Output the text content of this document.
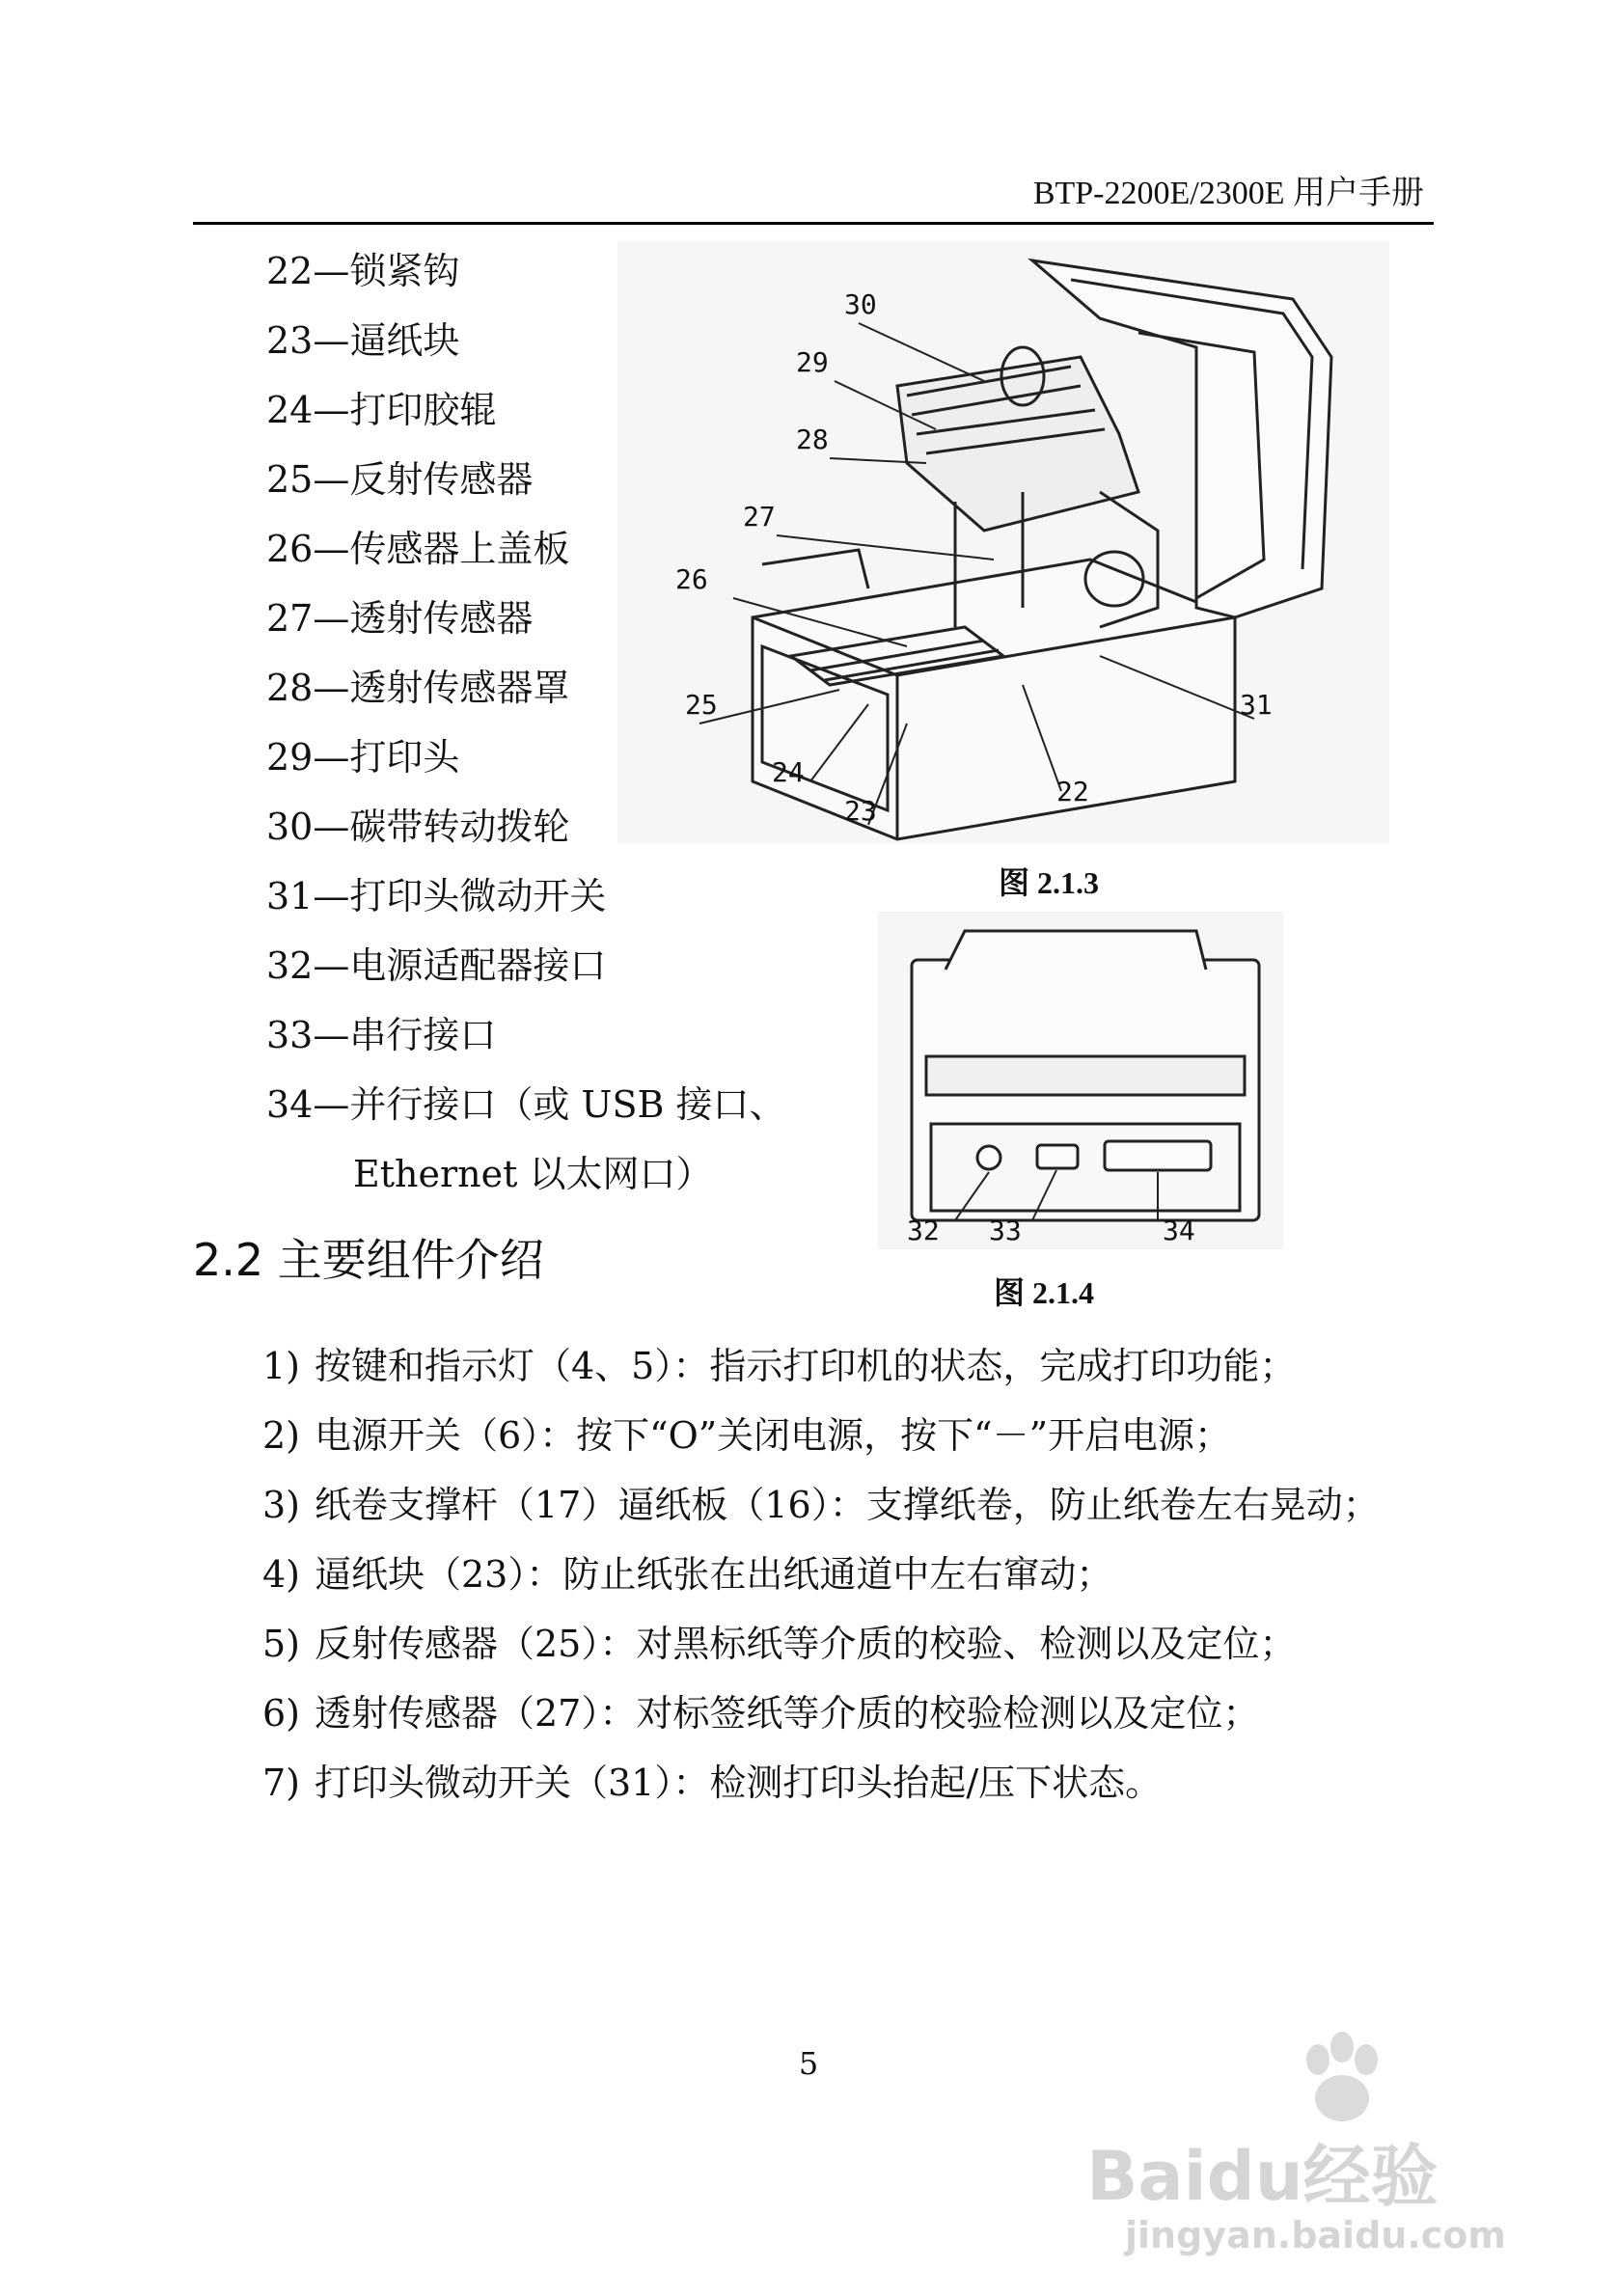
BTP-2200E/2300E 用户手册
22—锁紧钩
23—逼纸块
24—打印胶辊
25—反射传感器
26—传感器上盖板
27—透射传感器
28—透射传感器罩
29—打印头
30—碳带转动拨轮
31—打印头微动开关
32—电源适配器接口
33—串行接口
34—并行接口（或 USB 接口、
Ethernet 以太网口）
30
29
28
27
26
25
24
23
22
31
图 2.1.3
32 33	34
图 2.1.4
2.2 主要组件介绍
1) 按键和指示灯（4、5）：指示打印机的状态，完成打印功能；
2) 电源开关（6）：按下“O”关闭电源，按下“－”开启电源；
3) 纸卷支撑杆（17）逼纸板（16）：支撑纸卷，防止纸卷左右晃动；
4) 逼纸块（23）：防止纸张在出纸通道中左右窜动；
5) 反射传感器（25）：对黑标纸等介质的校验、检测以及定位；
6) 透射传感器（27）：对标签纸等介质的校验检测以及定位；
7) 打印头微动开关（31）：检测打印头抬起/压下状态。
5
Baidu经验
jingyan.baidu.com
